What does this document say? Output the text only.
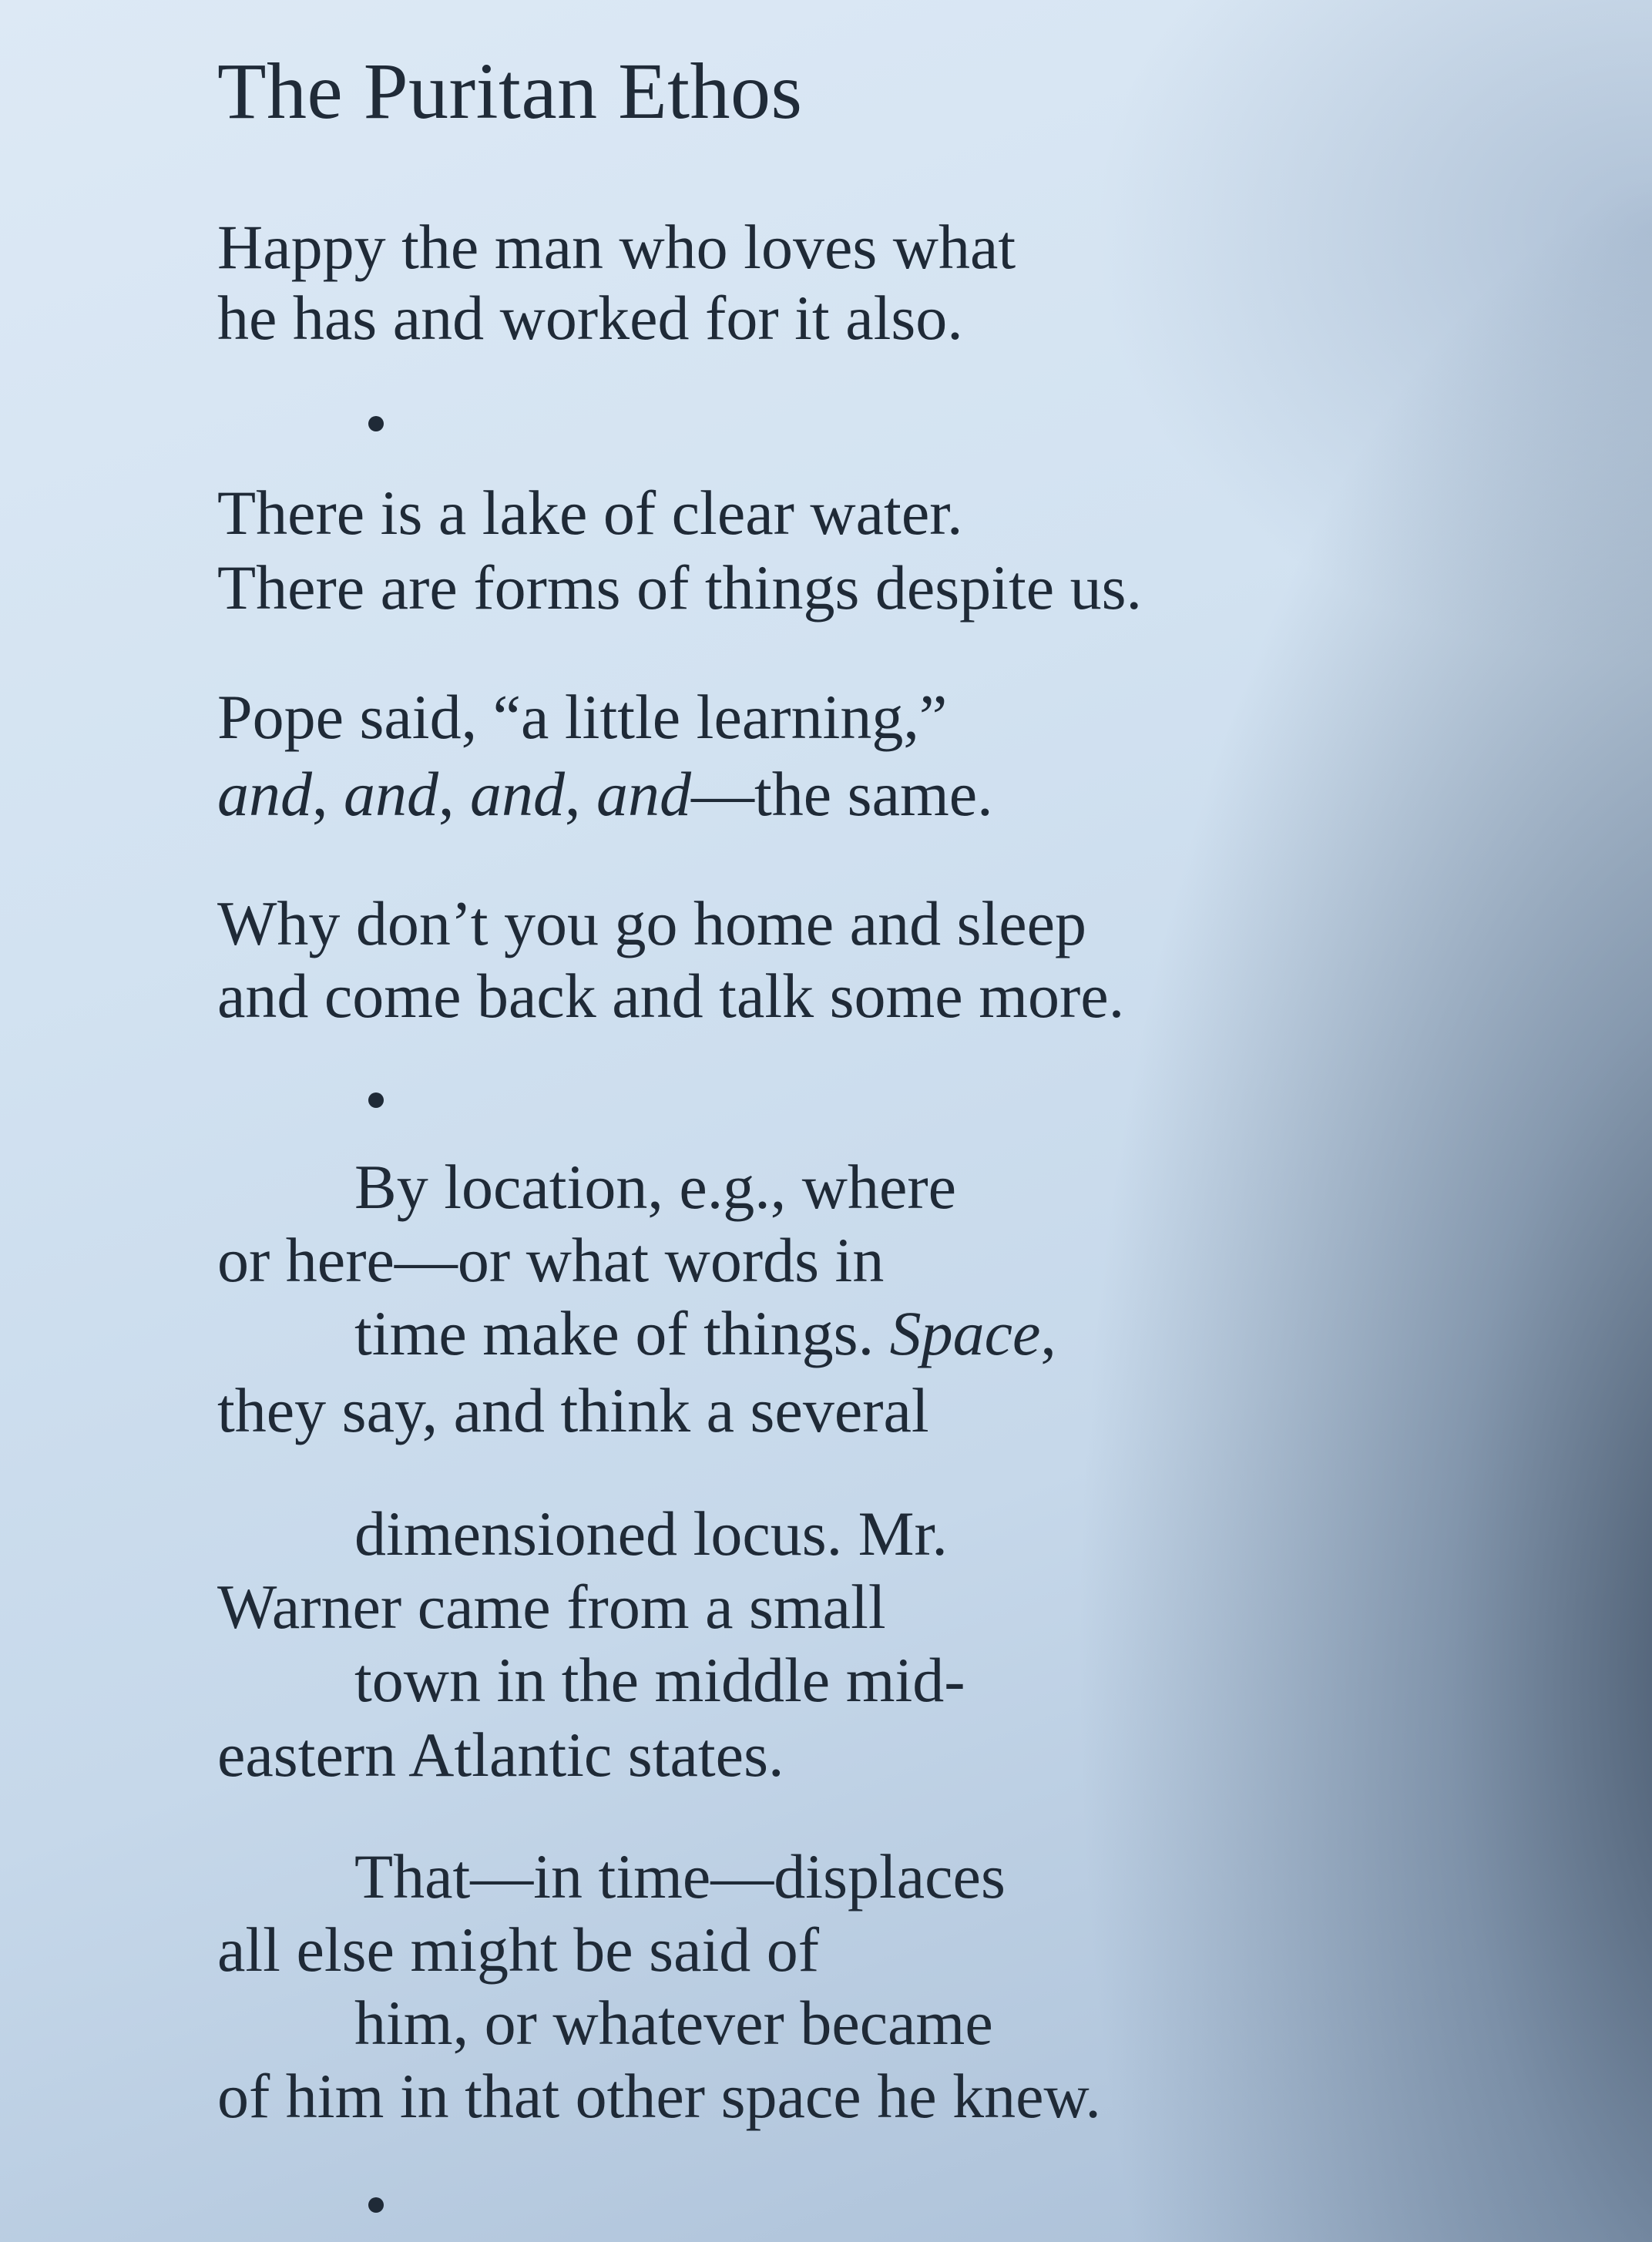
The Puritan Ethos
Happy the man who loves what
he has and worked for it also.
There is a lake of clear water.
There are forms of things despite us.
Pope said, “a little learning,”
and, and, and, and—the same.
Why don’t you go home and sleep
and come back and talk some more.
By location, e.g., where
or here—or what words in
time make of things. Space,
they say, and think a several
dimensioned locus. Mr.
Warner came from a small
town in the middle mid-
eastern Atlantic states.
That—in time—displaces
all else might be said of
him, or whatever became
of him in that other space he knew.
